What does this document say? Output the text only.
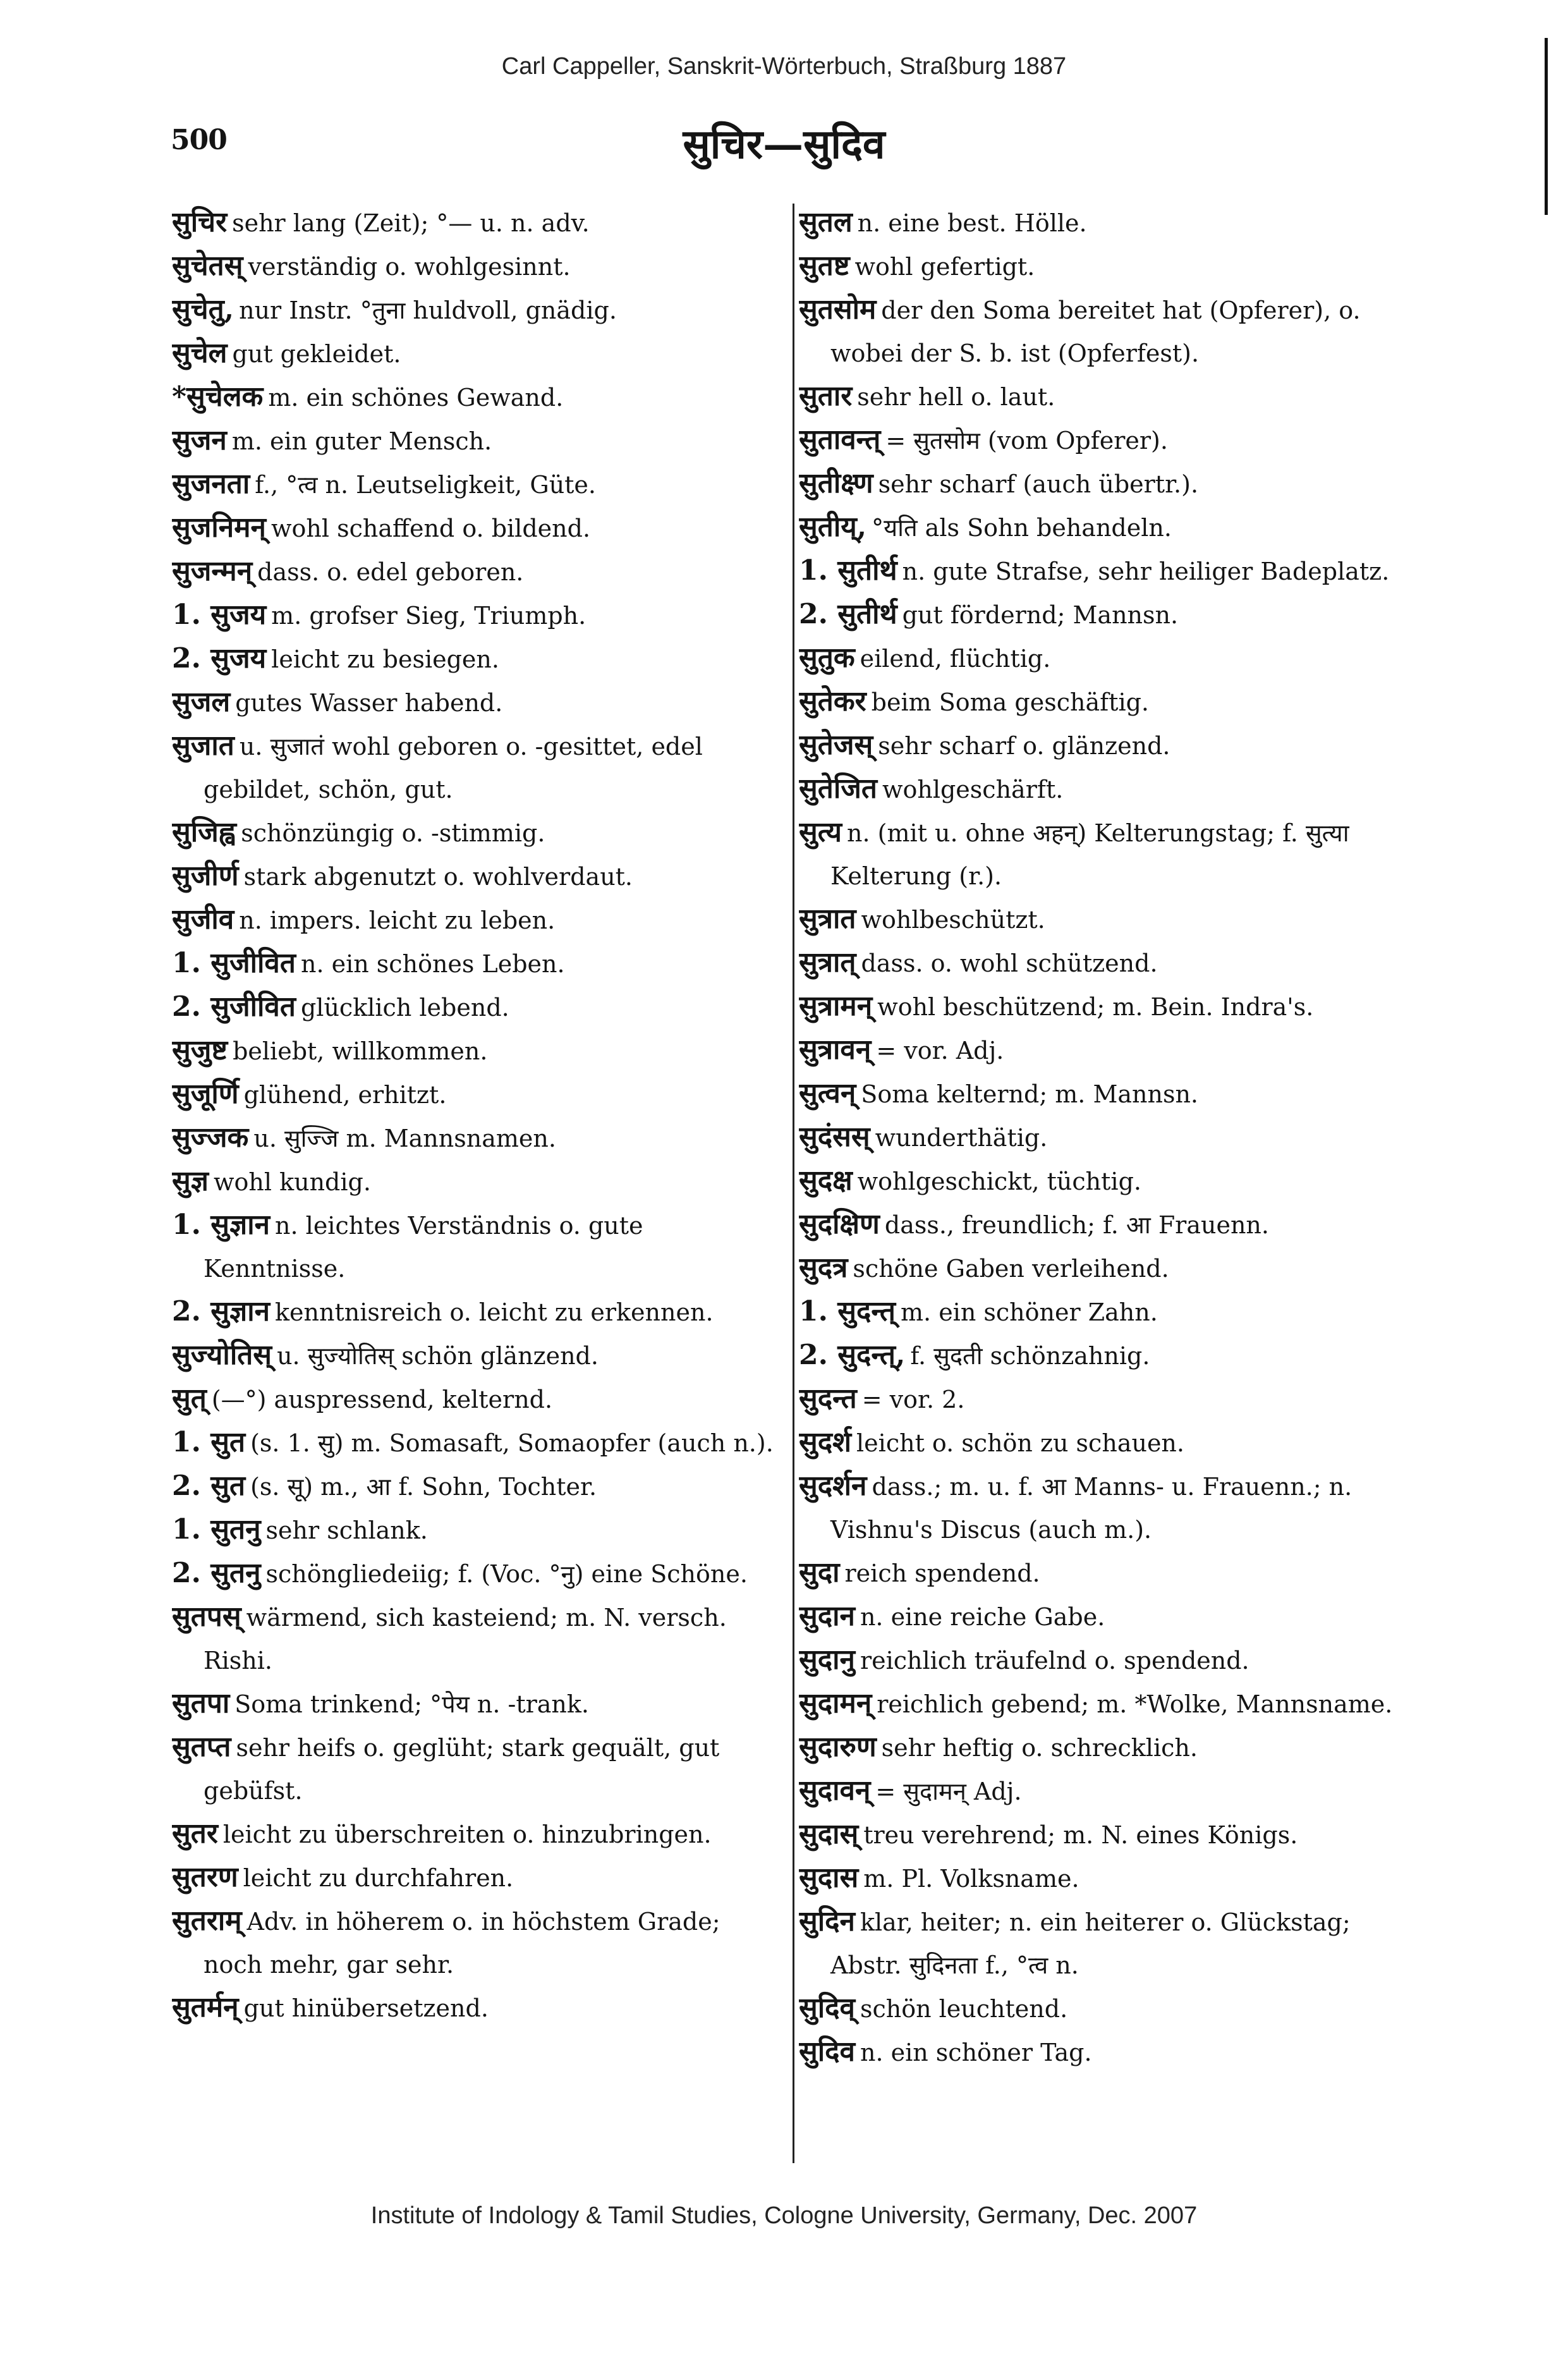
Carl Cappeller, Sanskrit-Wörterbuch, Straßburg 1887
500	सुचिर—सुदिव
सुचिर sehr lang (Zeit); °— u. n. adv.
सुचेतस् verständig o. wohlgesinnt.
सुचेतु, nur Instr. °तुना huldvoll, gnädig.
सुचेल gut gekleidet.
*सुचेलक m. ein schönes Gewand.
सुजन m. ein guter Mensch.
सुजनता f., °त्व n. Leutseligkeit, Güte.
सुजनिमन् wohl schaffend o. bildend.
सुजन्मन् dass. o. edel geboren.
1. सुजय m. grofser Sieg, Triumph.
2. सुजय leicht zu besiegen.
सुजल gutes Wasser habend.
सुजात u. सुजातं wohl geboren o. -gesittet, edel gebildet, schön, gut.
सुजिह्व schönzüngig o. -stimmig.
सुजीर्ण stark abgenutzt o. wohlverdaut.
सुजीव n. impers. leicht zu leben.
1. सुजीवित n. ein schönes Leben.
2. सुजीवित glücklich lebend.
सुजुष्ट beliebt, willkommen.
सुजूर्णि glühend, erhitzt.
सुज्जक u. सुज्जि m. Mannsnamen.
सुज्ञ wohl kundig.
1. सुज्ञान n. leichtes Verständnis o. gute Kenntnisse.
2. सुज्ञान kenntnisreich o. leicht zu erkennen.
सुज्योतिस् u. सुज्योतिस् schön glänzend.
सुत् (—°) auspressend, kelternd.
1. सुत (s. 1. सु) m. Somasaft, Somaopfer (auch n.).
2. सुत (s. सू) m., आ f. Sohn, Tochter.
1. सुतनु sehr schlank.
2. सुतनु schöngliedeiig; f. (Voc. °नु) eine Schöne.
सुतपस् wärmend, sich kasteiend; m. N. versch. Rishi.
सुतपा Soma trinkend; °पेय n. -trank.
सुतप्त sehr heifs o. geglüht; stark gequält, gut gebüfst.
सुतर leicht zu überschreiten o. hinzubringen.
सुतरण leicht zu durchfahren.
सुतराम् Adv. in höherem o. in höchstem Grade; noch mehr, gar sehr.
सुतर्मन् gut hinübersetzend.
सुतल n. eine best. Hölle.
सुतष्ट wohl gefertigt.
सुतसोम der den Soma bereitet hat (Opferer), o. wobei der S. b. ist (Opferfest).
सुतार sehr hell o. laut.
सुतावन्त् = सुतसोम (vom Opferer).
सुतीक्ष्ण sehr scharf (auch übertr.).
सुतीय्, °यति als Sohn behandeln.
1. सुतीर्थ n. gute Strafse, sehr heiliger Badeplatz.
2. सुतीर्थ gut fördernd; Mannsn.
सुतुक eilend, flüchtig.
सुतेकर beim Soma geschäftig.
सुतेजस् sehr scharf o. glänzend.
सुतेजित wohlgeschärft.
सुत्य n. (mit u. ohne अहन्) Kelterungstag; f. सुत्या Kelterung (r.).
सुत्रात wohlbeschützt.
सुत्रात् dass. o. wohl schützend.
सुत्रामन् wohl beschützend; m. Bein. Indra's.
सुत्रावन् = vor. Adj.
सुत्वन् Soma kelternd; m. Mannsn.
सुदंसस् wunderthätig.
सुदक्ष wohlgeschickt, tüchtig.
सुदक्षिण dass., freundlich; f. आ Frauenn.
सुदत्र schöne Gaben verleihend.
1. सुदन्त् m. ein schöner Zahn.
2. सुदन्त्, f. सुदती schönzahnig.
सुदन्त = vor. 2.
सुदर्श leicht o. schön zu schauen.
सुदर्शन dass.; m. u. f. आ Manns- u. Frauenn.; n. Vishnu's Discus (auch m.).
सुदा reich spendend.
सुदान n. eine reiche Gabe.
सुदानु reichlich träufelnd o. spendend.
सुदामन् reichlich gebend; m. *Wolke, Mannsname.
सुदारुण sehr heftig o. schrecklich.
सुदावन् = सुदामन् Adj.
सुदास् treu verehrend; m. N. eines Königs.
सुदास m. Pl. Volksname.
सुदिन klar, heiter; n. ein heiterer o. Glückstag; Abstr. सुदिनता f., °त्व n.
सुदिव् schön leuchtend.
सुदिव n. ein schöner Tag.
Institute of Indology & Tamil Studies, Cologne University, Germany, Dec. 2007
